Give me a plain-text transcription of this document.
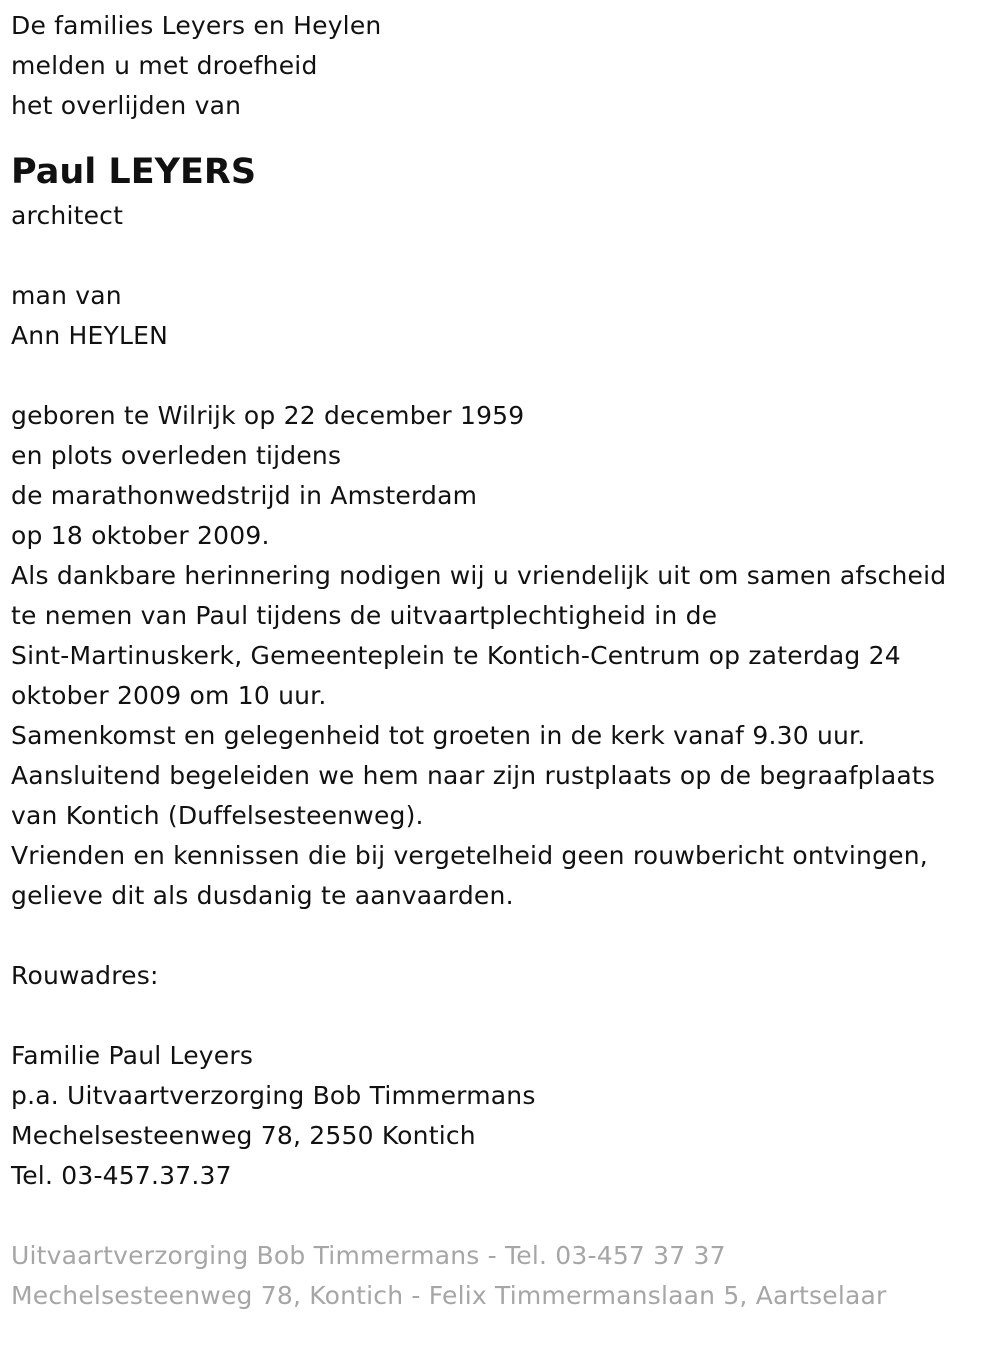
De families Leyers en Heylen
melden u met droefheid
het overlijden van
Paul LEYERS
architect
man van
Ann HEYLEN
geboren te Wilrijk op 22 december 1959
en plots overleden tijdens
de marathonwedstrijd in Amsterdam
op 18 oktober 2009.
Als dankbare herinnering nodigen wij u vriendelijk uit om samen afscheid
te nemen van Paul tijdens de uitvaartplechtigheid in de
Sint-Martinuskerk, Gemeenteplein te Kontich-Centrum op zaterdag 24
oktober 2009 om 10 uur.
Samenkomst en gelegenheid tot groeten in de kerk vanaf 9.30 uur.
Aansluitend begeleiden we hem naar zijn rustplaats op de begraafplaats
van Kontich (Duffelsesteenweg).
Vrienden en kennissen die bij vergetelheid geen rouwbericht ontvingen,
gelieve dit als dusdanig te aanvaarden.
Rouwadres:
Familie Paul Leyers
p.a. Uitvaartverzorging Bob Timmermans
Mechelsesteenweg 78, 2550 Kontich
Tel. 03-457.37.37
Uitvaartverzorging Bob Timmermans - Tel. 03-457 37 37
Mechelsesteenweg 78, Kontich - Felix Timmermanslaan 5, Aartselaar
